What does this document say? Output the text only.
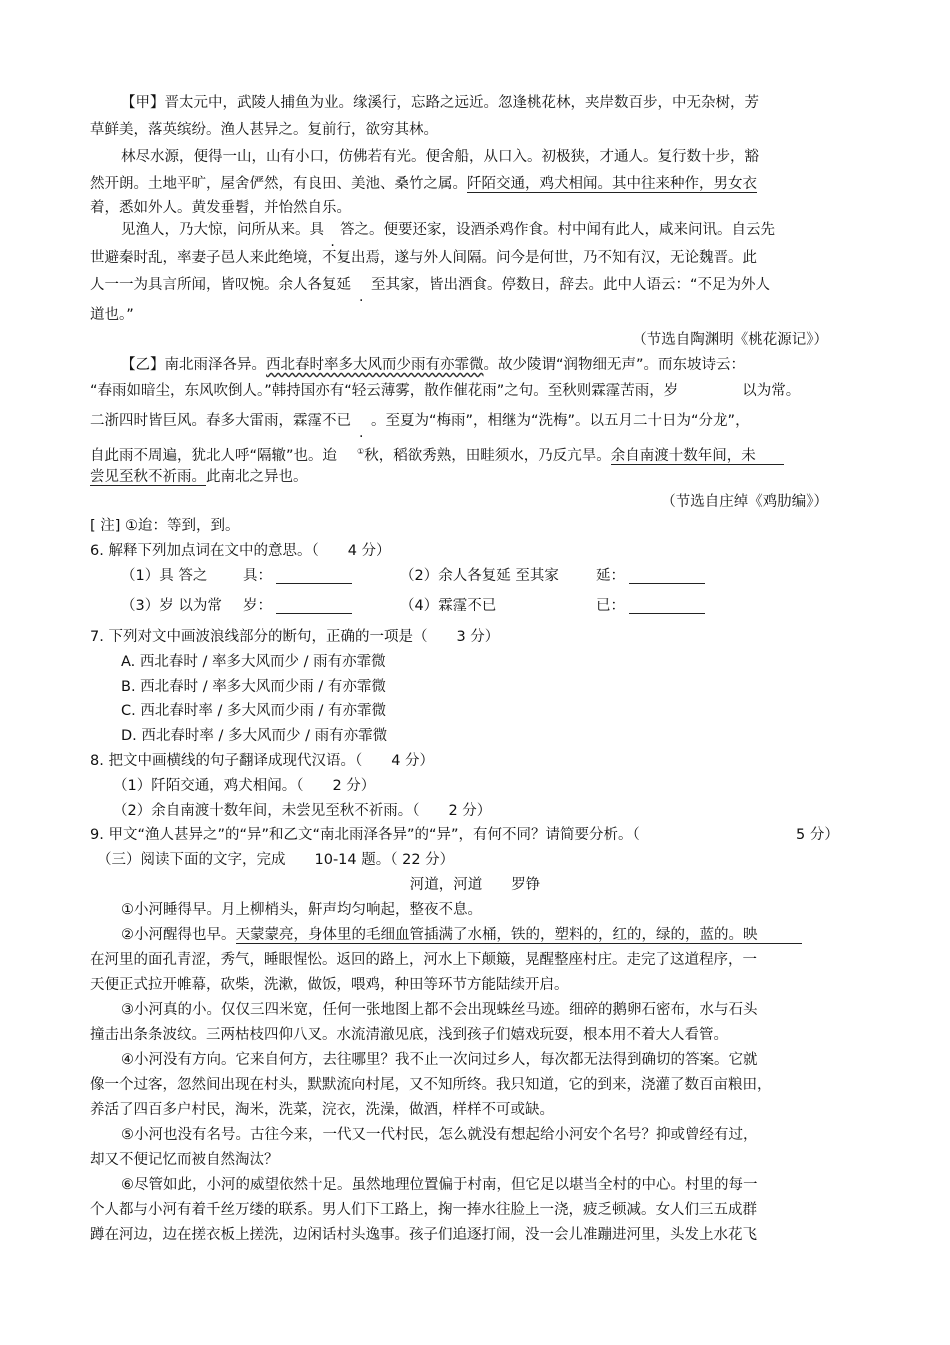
【甲】晋太元中，武陵人捕鱼为业。缘溪行，忘路之远近。忽逢桃花林，夹岸数百步，中无杂树，芳
草鲜美，落英缤纷。渔人甚异之。复前行，欲穷其林。
林尽水源，便得一山，山有小口，仿佛若有光。便舍船，从口入。初极狭，才通人。复行数十步，豁
然开朗。土地平旷，屋舍俨然，有良田、美池、桑竹之属。阡陌交通，鸡犬相闻。其中往来种作，男女衣
着，悉如外人。黄发垂髫，并怡然自乐。
见渔人，乃大惊，问所从来。具 . 答之。便要还家，设酒杀鸡作食。村中闻有此人，咸来问讯。自云先
世避秦时乱，率妻子邑人来此绝境，不复出焉，遂与外人间隔。问今是何世，乃不知有汉，无论魏晋。此
人一一为具言所闻，皆叹惋。余人各复延 . 至其家，皆出酒食。停数日，辞去。此中人语云：“不足为外人
道也。”
（节选自陶渊明《桃花源记》）
【乙】南北雨泽各异。西北春时率多大风而少雨有亦霏微。故少陵谓“润物细无声”。而东坡诗云：
“春雨如暗尘，东风吹倒人。”韩持国亦有“轻云薄雾，散作催花雨”之句。至秋则霖霪苦雨，岁	以为常。
二浙四时皆巨风。春多大雷雨，霖霪不已 . 。至夏为“梅雨”，相继为“洗梅”。以五月二十日为“分龙”，
自此雨不周遍，犹北人呼“隔辙”也。迨	①秋，稻欲秀熟，田畦须水，乃反亢旱。余自南渡十数年间，未
尝见至秋不祈雨。此南北之异也。
（节选自庄绰《鸡肋编》）
[ 注] ①迨：等到，到。
6. 解释下列加点词在文中的意思。（　　4 分）
（1）具 答之 具：	（2）余人各复延 至其家	延：
（3）岁 以为常 岁：	（4）霖霪不已	已：
7. 下列对文中画波浪线部分的断句，正确的一项是（　　3 分）
A. 西北春时 / 率多大风而少 / 雨有亦霏微
B. 西北春时 / 率多大风而少雨 / 有亦霏微
C. 西北春时率 / 多大风而少雨 / 有亦霏微
D. 西北春时率 / 多大风而少 / 雨有亦霏微
8. 把文中画横线的句子翻译成现代汉语。（　　4 分）
（1）阡陌交通，鸡犬相闻。（　　2 分）
（2）余自南渡十数年间，未尝见至秋不祈雨。（　　2 分）
9. 甲文“渔人甚异之”的“异”和乙文“南北雨泽各异”的“异”，有何不同？请简要分析。（	5 分）
（三）阅读下面的文字，完成　　10-14 题。（ 22 分）
河道，河道　　罗铮
①小河睡得早。月上柳梢头，鼾声均匀响起，整夜不息。
②小河醒得也早。天蒙蒙亮，身体里的毛细血管插满了水桶，铁的，塑料的，红的，绿的，蓝的。映
在河里的面孔青涩，秀气，睡眼惺忪。返回的路上，河水上下颠簸，晃醒整座村庄。走完了这道程序，一
天便正式拉开帷幕，砍柴，洗漱，做饭，喂鸡，种田等环节方能陆续开启。
③小河真的小。仅仅三四米宽，任何一张地图上都不会出现蛛丝马迹。细碎的鹅卵石密布，水与石头
撞击出条条波纹。三两枯枝四仰八叉。水流清澈见底，浅到孩子们嬉戏玩耍，根本用不着大人看管。
④小河没有方向。它来自何方，去往哪里？我不止一次问过乡人，每次都无法得到确切的答案。它就
像一个过客，忽然间出现在村头，默默流向村尾，又不知所终。我只知道，它的到来，浇灌了数百亩粮田，
养活了四百多户村民，淘米，洗菜，浣衣，洗澡，做酒，样样不可或缺。
⑤小河也没有名号。古往今来，一代又一代村民，怎么就没有想起给小河安个名号？抑或曾经有过，
却又不便记忆而被自然淘汰？
⑥尽管如此，小河的威望依然十足。虽然地理位置偏于村南，但它足以堪当全村的中心。村里的每一
个人都与小河有着千丝万缕的联系。男人们下工路上，掬一捧水往脸上一浇，疲乏顿减。女人们三五成群
蹲在河边，边在搓衣板上搓洗，边闲话村头逸事。孩子们追逐打闹，没一会儿准蹦进河里，头发上水花飞
